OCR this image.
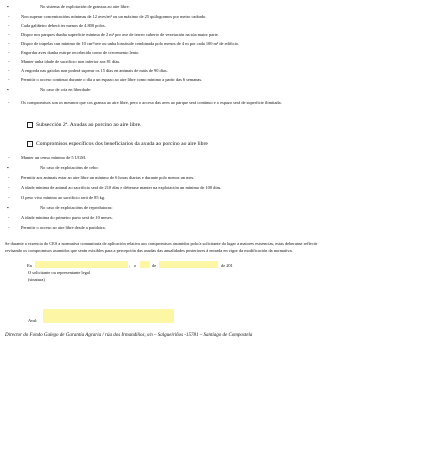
▪	No sistema de explotación de granxas ao aire libre:
-	Non superar concentracións mínimas de 12 aves/m² ou un máximo de 25 quilogramos por metro cadrado.
-	Cada galiñeiro deberá ter menos de 4.800 polos.
-	Dispor nos parques dunha superficie mínima de 2 m² por ave de terreo cuberto de vexetación na súa maior parte.
-	Dispor de trapelas cun mínimo de 10 cm²/ave ou unha lonxitude combinada polo menos de 4 m por cada 100 m² de edificio.
-	Engordar aves dunha estirpe recoñecida como de crecemento lento.
-	Manter unha idade de sacrificio non inferior aos 81 días.
-	A engorda nas gaiolas non poderá superar os 15 días en animais de máis de 90 días.
-	Permitir o acceso continuo durante o día a un espazo ao aire libre como mínimo a partir das 6 semanas.
▪	No caso de cría en liberdade:
-	Os compromisos son os mesmos que cos granxa ao aire libre, pero o acceso das aves ao parque será continuo e o espazo será de superficie ilimitada.
Subsección 2ª. Axudas ao porcino ao aire libre.
Compromisos específicos dos beneficiarios da axuda ao porcino ao aire libre
-	Manter un censo mínimo de 5 UGM.
▪	No caso de explotacións de cebo:
-	Permitir aos animais estar ao aire libre un mínimo de 6 horas diarias e durante polo menos un mes.
-	A idade mínima de animal ao sacrificio será de 210 días e deberase manter na explotación un mínimo de 100 días.
-	O peso vivo mínimo ao sacrificio será de 85 kg.
▪	No caso de explotacións de reprodutoras:
-	A idade mínima do primeiro parto será de 10 meses.
-	Permitir o acceso ao aire libre desde a paridoira.
Se durante a vixencia do CES a normativa comunitaria de aplicación relativa aos compromisos asumidos polo/a solicitante da lugar a maiores esixencias, estas deberanse reflectir
revisando os compromisos asumidos que serán esixibles para a percepción das axudas das anualidades posteriores á entrada en vigor da modificación da normativa.
En	, o	de	de 201
O solicitante ou representante legal
(sinatura)
Aval:
Director do Fondo Galego de Garantía Agraria / rúa dos Irmandiños, s/n – Salgueiriños -15781 – Santiago de Compostela
